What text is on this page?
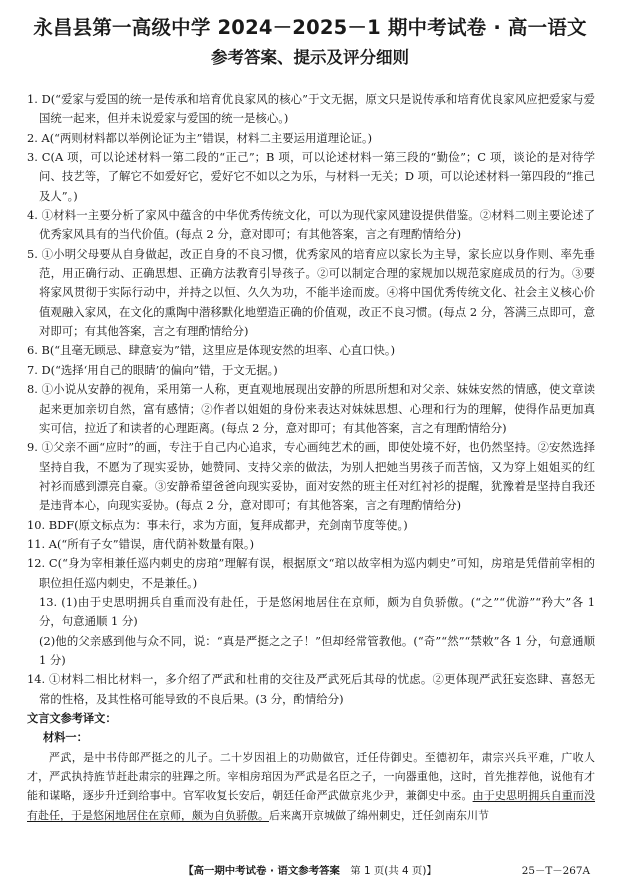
永昌县第一高级中学 2024－2025－1 期中考试卷 · 高一语文
参考答案、提示及评分细则
1. D(“爱家与爱国的统一是传承和培育优良家风的核心”于文无据，原文只是说传承和培育优良家风应把爱家与爱国统一起来，但并未说爱家与爱国的统一是核心。)
2. A(“两则材料都以举例论证为主”错误，材料二主要运用道理论证。)
3. C(A 项，可以论述材料一第二段的“正己”；B 项，可以论述材料一第三段的“勤俭”；C 项，谈论的是对待学问、技艺等，了解它不如爱好它，爱好它不如以之为乐，与材料一无关；D 项，可以论述材料一第四段的“推己及人”。)
4. ①材料一主要分析了家风中蕴含的中华优秀传统文化，可以为现代家风建设提供借鉴。②材料二则主要论述了优秀家风具有的当代价值。(每点 2 分，意对即可；有其他答案，言之有理酌情给分)
5. ①小明父母要从自身做起，改正自身的不良习惯，优秀家风的培育应以家长为主导，家长应以身作则、率先垂范，用正确行动、正确思想、正确方法教育引导孩子。②可以制定合理的家规加以规范家庭成员的行为。③要将家风贯彻于实际行动中，并持之以恒、久久为功，不能半途而废。④将中国优秀传统文化、社会主义核心价值观融入家风，在文化的熏陶中潜移默化地塑造正确的价值观，改正不良习惯。(每点 2 分，答满三点即可，意对即可；有其他答案，言之有理酌情给分)
6. B(“且毫无顾忌、肆意妄为”错，这里应是体现安然的坦率、心直口快。)
7. D(“选择‘用自己的眼睛’的偏向”错，于文无据。)
8. ①小说从安静的视角，采用第一人称，更直观地展现出安静的所思所想和对父亲、妹妹安然的情感，使文章读起来更加亲切自然，富有感情；②作者以姐姐的身份来表达对妹妹思想、心理和行为的理解，使得作品更加真实可信，拉近了和读者的心理距离。(每点 2 分，意对即可；有其他答案，言之有理酌情给分)
9. ①父亲不画“应时”的画，专注于自己内心追求，专心画纯艺术的画，即使处境不好，也仍然坚持。②安然选择坚持自我，不愿为了现实妥协，她赞同、支持父亲的做法，为别人把她当男孩子而苦恼，又为穿上姐姐买的红衬衫而感到漂亮自豪。③安静希望爸爸向现实妥协，面对安然的班主任对红衬衫的提醒，犹豫着是坚持自我还是违背本心，向现实妥协。(每点 2 分，意对即可；有其他答案，言之有理酌情给分)
10. BDF(原文标点为：事未行，求为方面，复拜成都尹，充剑南节度等使。)
11. A(“所有子女”错误，唐代荫补数量有限。)
12. C(“身为宰相兼任巡内刺史的房琯”理解有误，根据原文“琯以故宰相为巡内刺史”可知，房琯是凭借前宰相的职位担任巡内刺史，不是兼任。)
13. (1)由于史思明拥兵自重而没有赴任，于是悠闲地居住在京师，颇为自负骄傲。(“之”“优游”“矜大”各 1 分，句意通顺 1 分)
(2)他的父亲感到他与众不同，说：“真是严挺之之子！”但却经常管教他。(“奇”“然”“禁敕”各 1 分，句意通顺 1 分)
14. ①材料二相比材料一，多介绍了严武和杜甫的交往及严武死后其母的忧虑。②更体现严武狂妄恣肆、喜怒无常的性格，及其性格可能导致的不良后果。(3 分，酌情给分)
文言文参考译文：
材料一：
严武，是中书侍郎严挺之的儿子。二十岁因祖上的功勋做官，迁任侍御史。至德初年，肃宗兴兵平难，广收人才，严武执持旌节赶赴肃宗的驻蹕之所。宰相房琯因为严武是名臣之子，一向器重他，这时，首先推荐他，说他有才能和谋略，逐步升迁到给事中。官军收复长安后，朝廷任命严武做京兆少尹，兼御史中丞。由于史思明拥兵自重而没有赴任，于是悠闲地居住在京师，颇为自负骄傲。后来离开京城做了绵州刺史，迁任剑南东川节
【高一期中考试卷 · 语文参考答案　 第 1 页(共 4 页)】	25－T－267A
